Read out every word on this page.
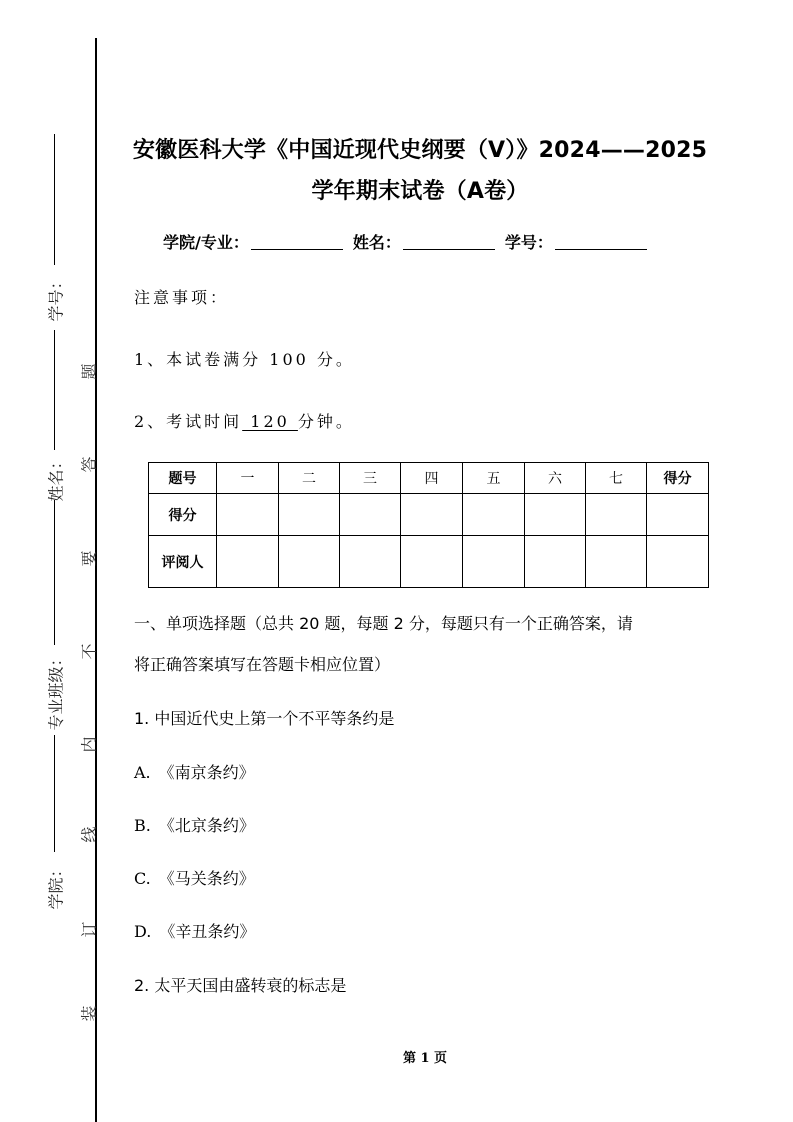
学号：
姓名：
专业班级：
学院：
题
答
要
不
内
线
订
装
安徽医科大学《中国近现代史纲要（V）》2024——2025
学年期末试卷（A卷）
学院/专业：	姓名：	学号：
注意事项：
1、本试卷满分 100 分。
2、考试时间 120 分钟。
题号	一	二	三	四	五	六	七	得分
得分								
评阅人								
一、单项选择题（总共 20 题，每题 2 分，每题只有一个正确答案，请
将正确答案填写在答题卡相应位置）
1. 中国近代史上第一个不平等条约是
A. 《南京条约》
B. 《北京条约》
C. 《马关条约》
D. 《辛丑条约》
2. 太平天国由盛转衰的标志是
第 1 页
